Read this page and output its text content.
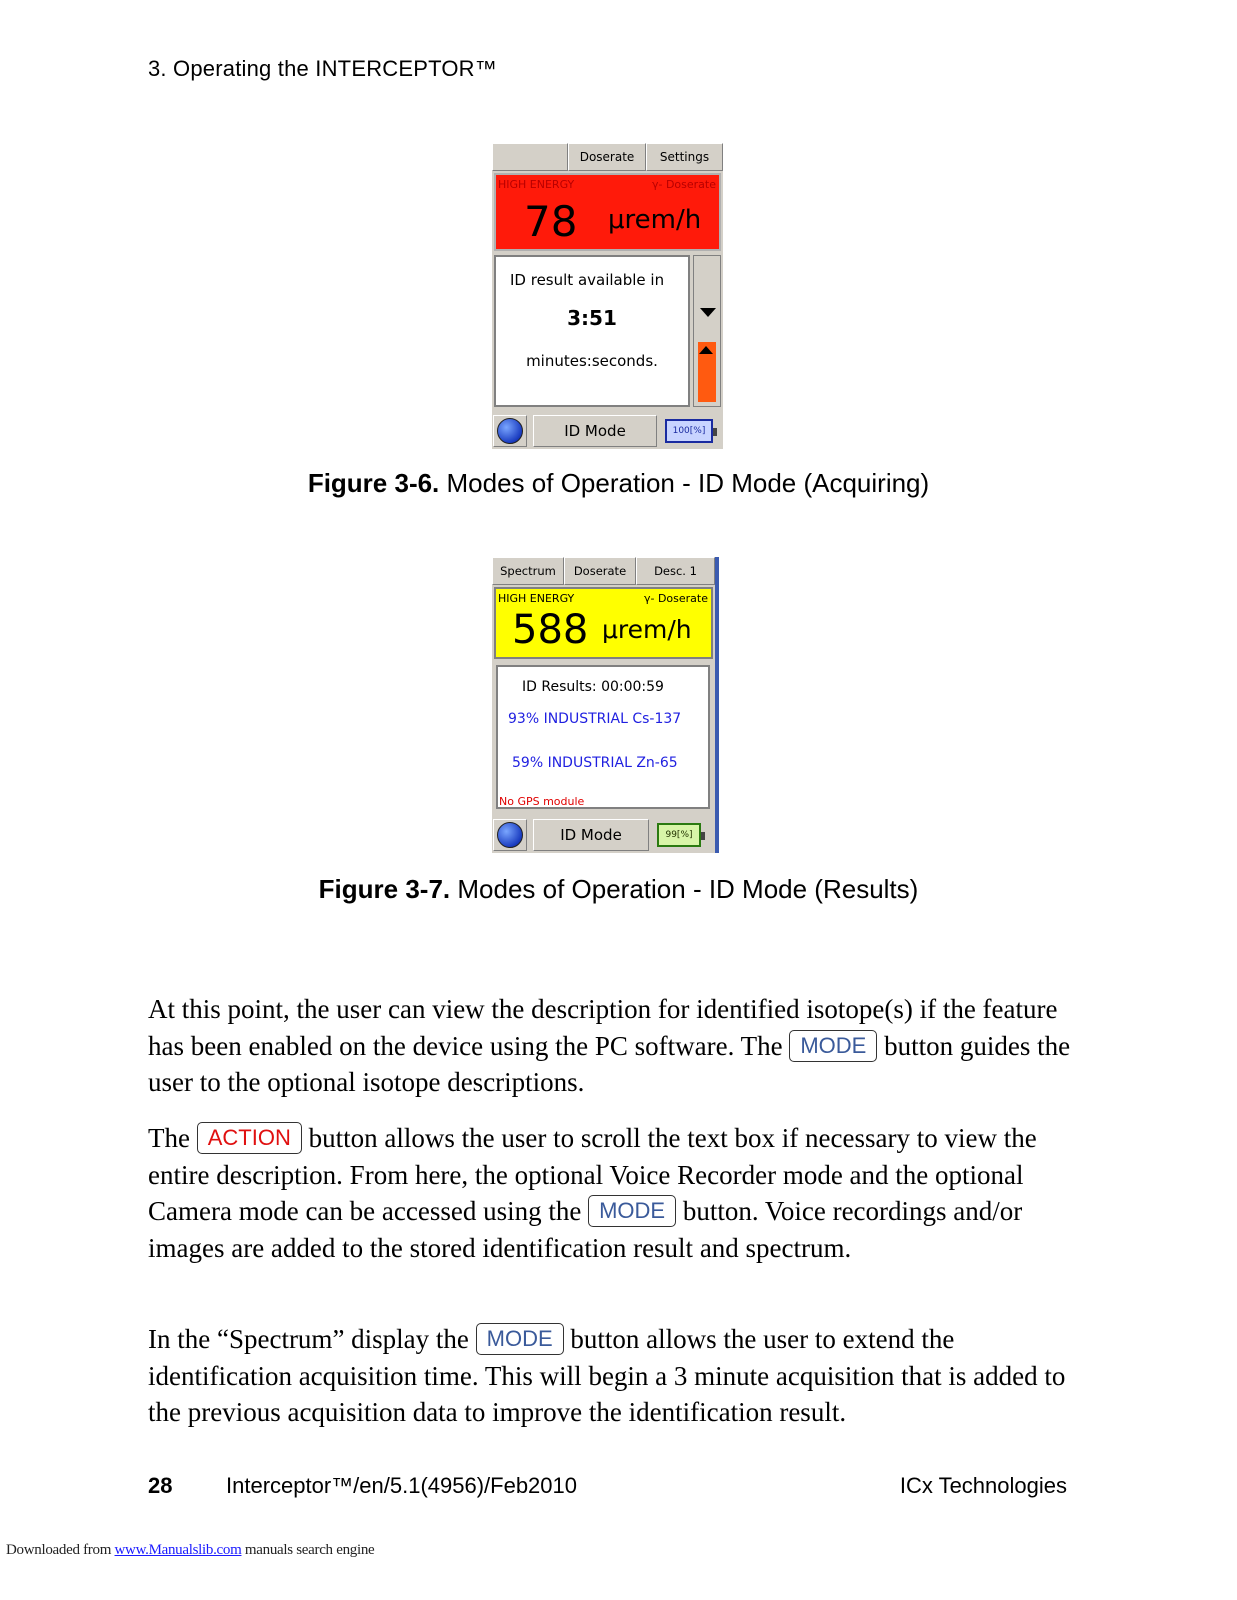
3. Operating the INTERCEPTOR™
Doserate	Settings
HIGH ENERGY	γ- Doserate
78 μrem/h
ID result available in
3:51
minutes:seconds.
ID Mode	100[%]
Figure 3-6. Modes of Operation - ID Mode (Acquiring)
Spectrum	Doserate	Desc. 1
HIGH ENERGY	γ- Doserate
588 μrem/h
ID Results: 00:00:59
93% INDUSTRIAL Cs-137
59% INDUSTRIAL Zn-65
No GPS module
ID Mode	99[%]
Figure 3-7. Modes of Operation - ID Mode (Results)
At this point, the user can view the description for identified isotope(s) if the feature has been enabled on the device using the PC software. The MODE button guides the user to the optional isotope descriptions.
The ACTION button allows the user to scroll the text box if necessary to view the entire description. From here, the optional Voice Recorder mode and the optional Camera mode can be accessed using the MODE button. Voice recordings and/or images are added to the stored identification result and spectrum.
In the “Spectrum” display the MODE button allows the user to extend the identification acquisition time. This will begin a 3 minute acquisition that is added to the previous acquisition data to improve the identification result.
28 Interceptor™/en/5.1(4956)/Feb2010	ICx Technologies
Downloaded from www.Manualslib.com manuals search engine
